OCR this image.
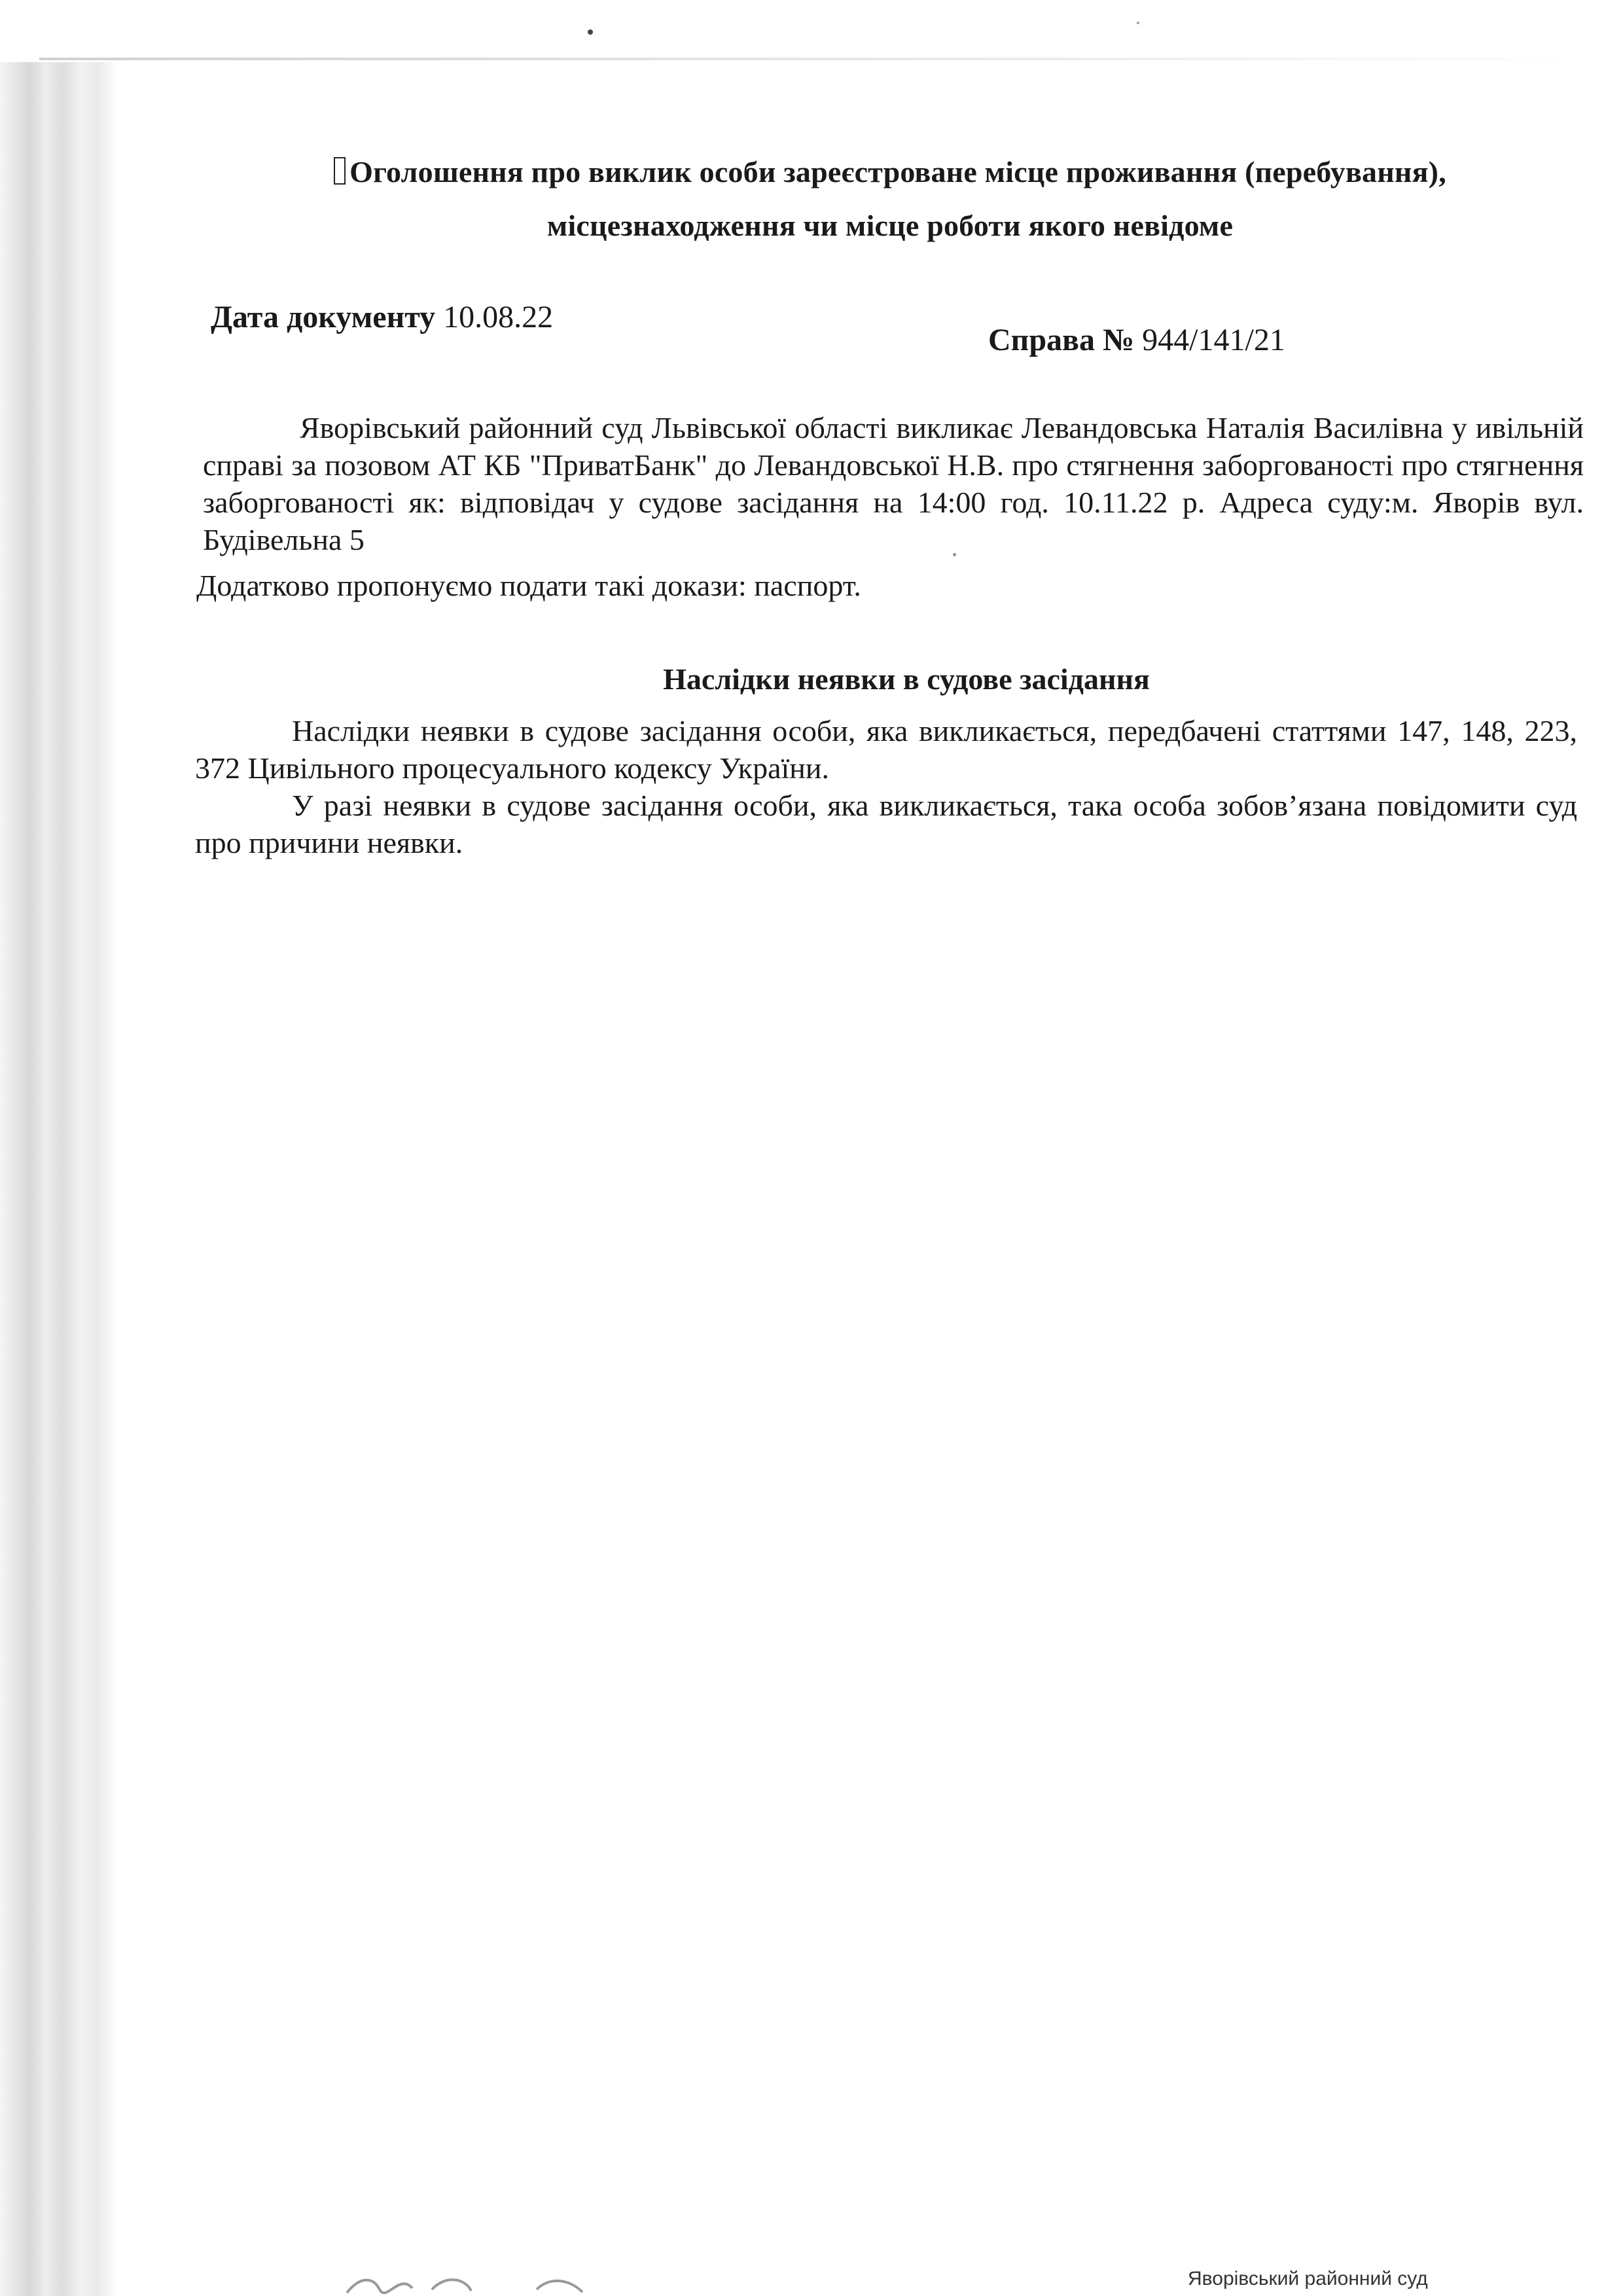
Оголошення про виклик особи зареєстроване місце проживання (перебування),
місцезнаходження чи місце роботи якого невідоме
Дата документу 10.08.22
Справа № 944/141/21

Яворівський районний суд Львівської області викликає Левандовська Наталія Василівна у ивільній справі за позовом АТ КБ "ПриватБанк" до Левандовської Н.В. про стягнення заборгованості про стягнення заборгованості як: відповідач у судове засідання на 14:00 год. 10.11.22 р. Адреса суду:м. Яворів вул. Будівельна 5

Додатково пропонуємо подати такі докази: паспорт.
Наслідки неявки в судове засідання

Наслідки неявки в судове засідання особи, яка викликається, передбачені статтями 147, 148, 223, 372 Цивільного процесуального кодексу України.

У разі неявки в судове засідання особи, яка викликається, така особа зобов’язана повідомити суд про причини неявки.

Яворівський районний суд
